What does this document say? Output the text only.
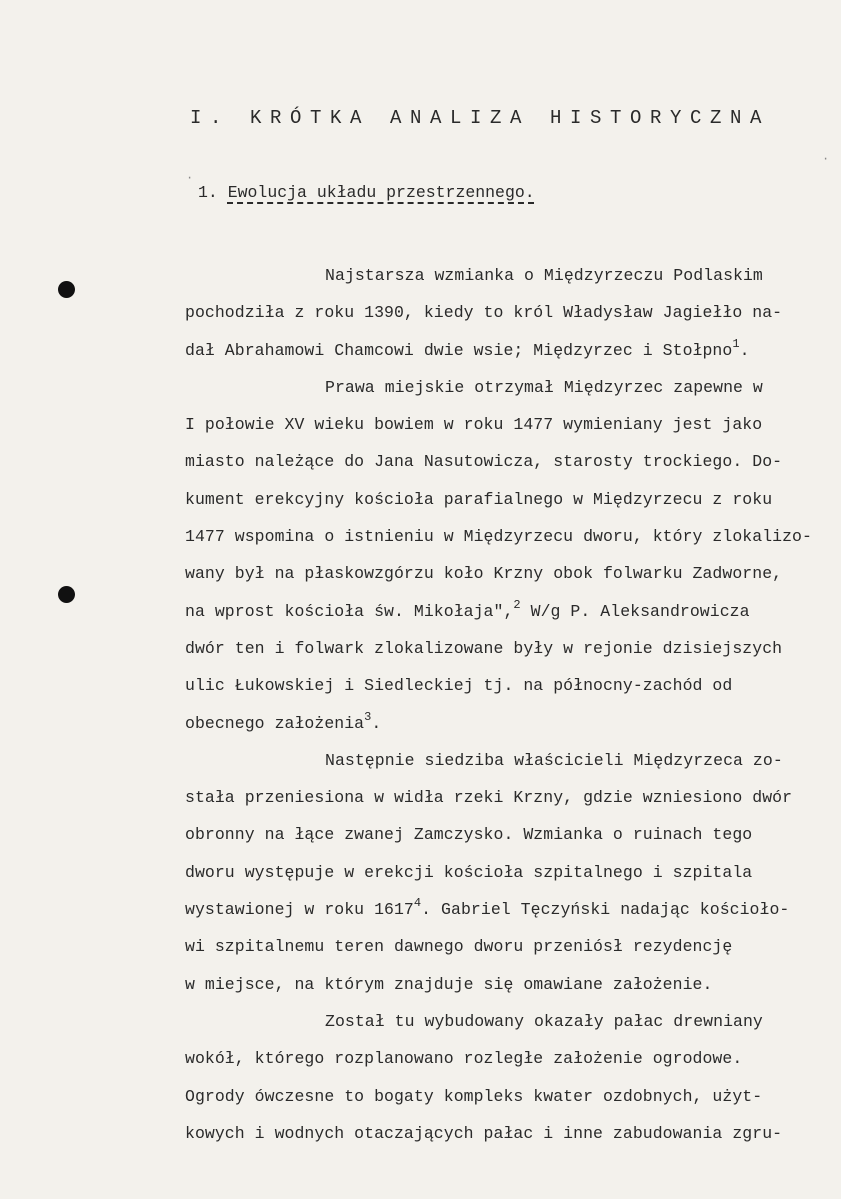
·
·
I. KRÓTKA ANALIZA HISTORYCZNA
1. Ewolucja układu przestrzennego.
Najstarsza wzmianka o Międzyrzeczu Podlaskim
pochodziła z roku 1390, kiedy to król Władysław Jagiełło na-
dał Abrahamowi Chamcowi dwie wsie; Międzyrzec i Stołpno$^1$.
Prawa miejskie otrzymał Międzyrzec zapewne w
I połowie XV wieku bowiem w roku 1477 wymieniany jest jako
miasto należące do Jana Nasutowicza, starosty trockiego. Do-
kument erekcyjny kościoła parafialnego w Międzyrzecu z roku
1477 wspomina o istnieniu w Międzyrzecu dworu, który zlokalizo-
wany był na płaskowzgórzu koło Krzny obok folwarku Zadworne,
na wprost kościoła św. Mikołaja",$^2$ W/g P. Aleksandrowicza
dwór ten i folwark zlokalizowane były w rejonie dzisiejszych
ulic Łukowskiej i Siedleckiej tj. na północny-zachód od
obecnego założenia$^3$.
Następnie siedziba właścicieli Międzyrzeca zo-
stała przeniesiona w widła rzeki Krzny, gdzie wzniesiono dwór
obronny na łące zwanej Zamczysko. Wzmianka o ruinach tego
dworu występuje w erekcji kościoła szpitalnego i szpitala
wystawionej w roku 1617$^4$. Gabriel Tęczyński nadając kościoło-
wi szpitalnemu teren dawnego dworu przeniósł rezydencję
w miejsce, na którym znajduje się omawiane założenie.
Został tu wybudowany okazały pałac drewniany
wokół, którego rozplanowano rozległe założenie ogrodowe.
Ogrody ówczesne to bogaty kompleks kwater ozdobnych, użyt-
kowych i wodnych otaczających pałac i inne zabudowania zgru-
